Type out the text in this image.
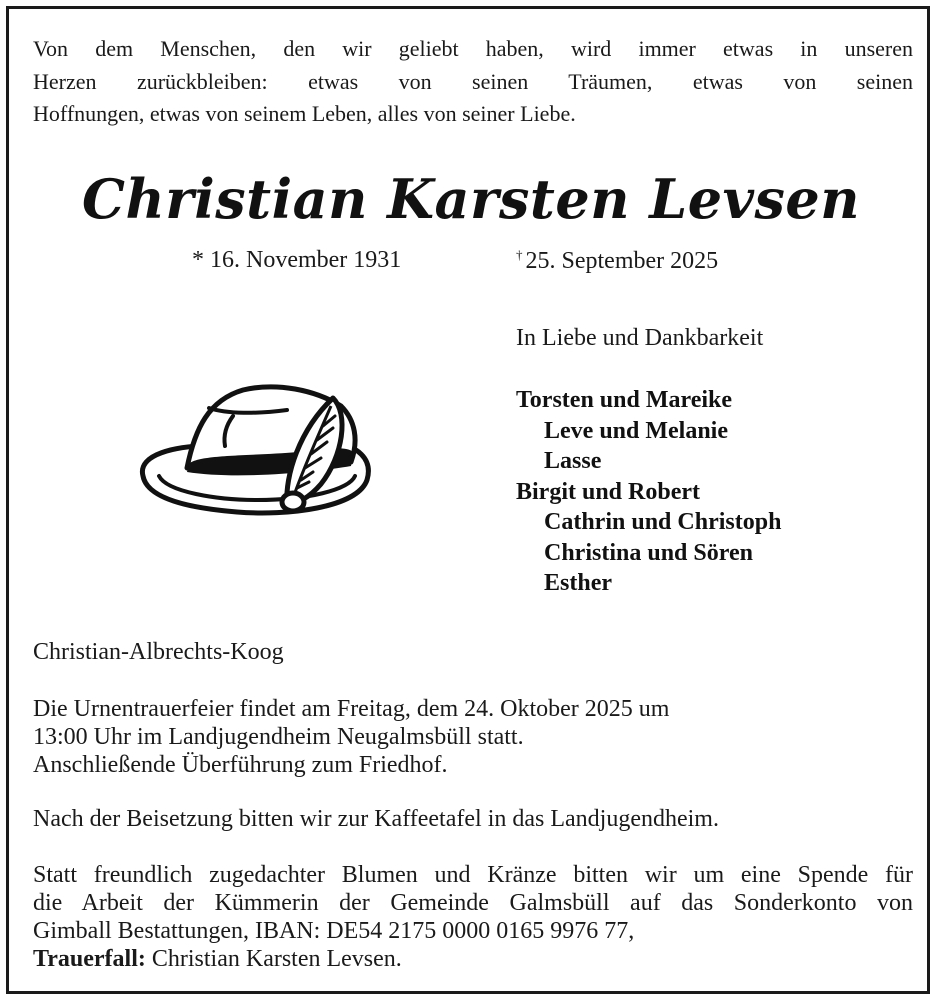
Von dem Menschen, den wir geliebt haben, wird immer etwas in unseren
Herzen zurückbleiben: etwas von seinen Träumen, etwas von seinen
Hoffnungen, etwas von seinem Leben, alles von seiner Liebe.
Christian Karsten Levsen
* 16. November 1931	† 25. September 2025
In Liebe und Dankbarkeit
Torsten und Mareike
Leve und Melanie
Lasse
Birgit und Robert
Cathrin und Christoph
Christina und Sören
Esther
Christian-Albrechts-Koog
Die Urnentrauerfeier findet am Freitag, dem 24. Oktober 2025 um
13:00 Uhr im Landjugendheim Neugalmsbüll statt.
Anschließende Überführung zum Friedhof.
Nach der Beisetzung bitten wir zur Kaffeetafel in das Landjugendheim.
Statt freundlich zugedachter Blumen und Kränze bitten wir um eine Spende für
die Arbeit der Kümmerin der Gemeinde Galmsbüll auf das Sonderkonto von
Gimball Bestattungen, IBAN: DE54 2175 0000 0165 9976 77,
Trauerfall: Christian Karsten Levsen.
